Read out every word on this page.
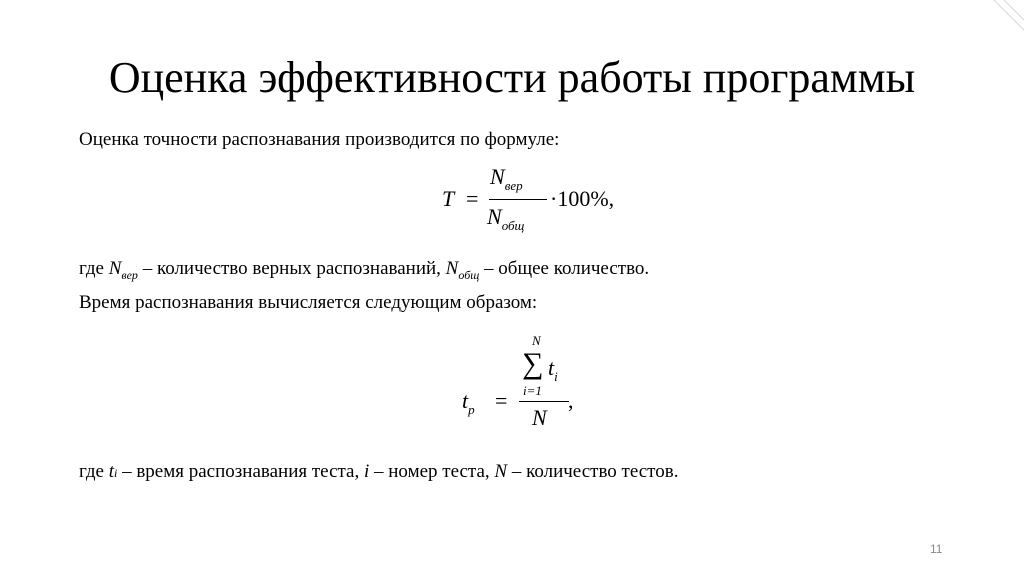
Оценка эффективности работы программы
Оценка точности распознавания производится по формуле:
T =
$N_{вер}$
$N_{общ}$
·100%,
где $N_{вер}$ – количество верных распознаваний, $N_{общ}$ – общее количество.
Время распознавания вычисляется следующим образом:
$t_p$ =
N
∑ $t_i$
i=1
N
,
где ti – время распознавания теста, i – номер теста, N – количество тестов.
11
